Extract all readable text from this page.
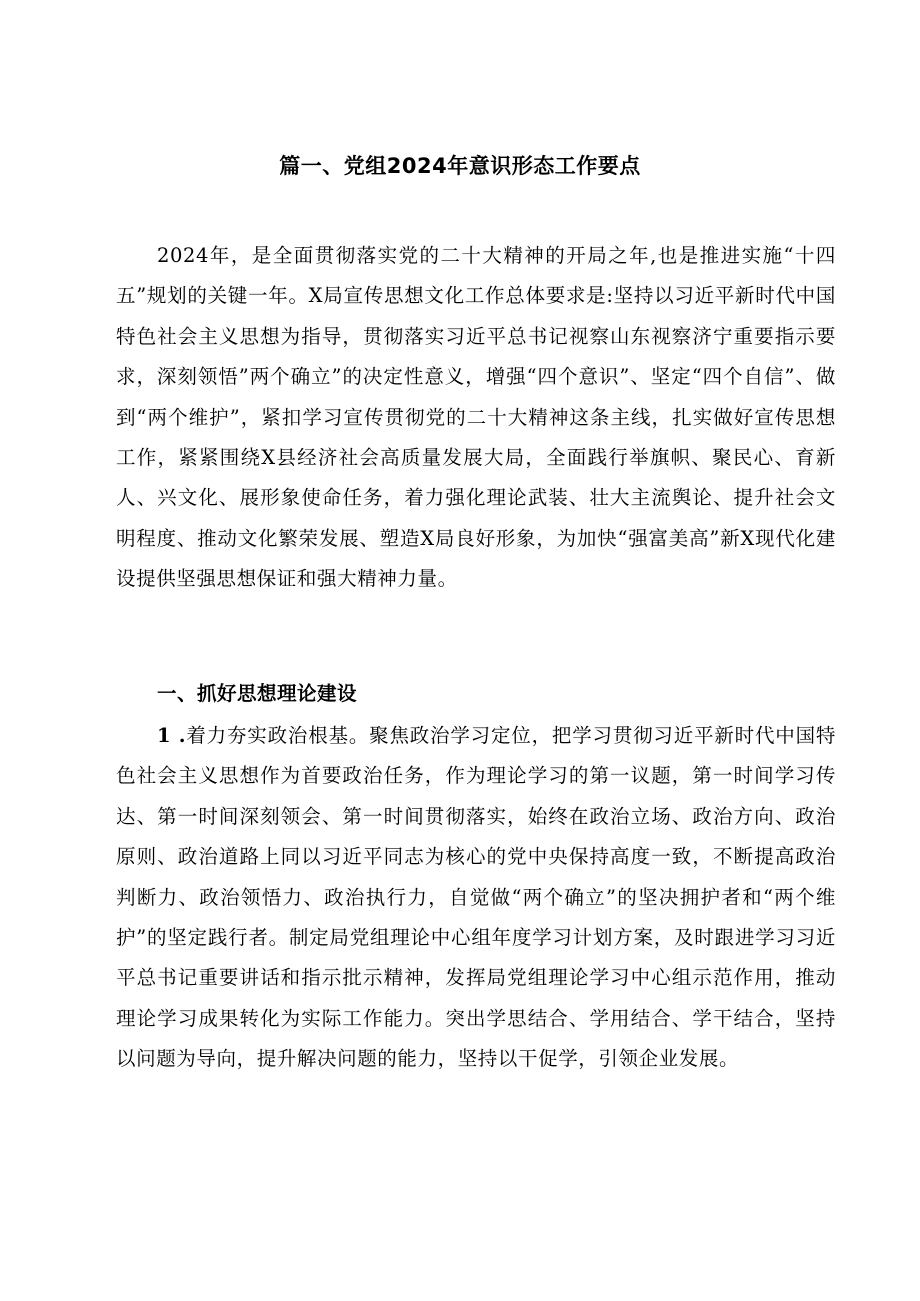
篇一、党组2024年意识形态工作要点

2024年，是全面贯彻落实党的二十大精神的开局之年,也是推进实施“十四五”规划的关键一年。X局宣传思想文化工作总体要求是:坚持以习近平新时代中国特色社会主义思想为指导，贯彻落实习近平总书记视察山东视察济宁重要指示要求，深刻领悟”两个确立”的决定性意义，增强“四个意识”、坚定“四个自信”、做到“两个维护”，紧扣学习宣传贯彻党的二十大精神这条主线，扎实做好宣传思想工作，紧紧围绕X县经济社会高质量发展大局，全面践行举旗帜、聚民心、育新人、兴文化、展形象使命任务，着力强化理论武装、壮大主流舆论、提升社会文明程度、推动文化繁荣发展、塑造X局良好形象，为加快“强富美高”新X现代化建设提供坚强思想保证和强大精神力量。

一、抓好思想理论建设

1 .着力夯实政治根基。聚焦政治学习定位，把学习贯彻习近平新时代中国特色社会主义思想作为首要政治任务，作为理论学习的第一议题，第一时间学习传达、第一时间深刻领会、第一时间贯彻落实，始终在政治立场、政治方向、政治原则、政治道路上同以习近平同志为核心的党中央保持高度一致，不断提高政治判断力、政治领悟力、政治执行力，自觉做“两个确立”的坚决拥护者和“两个维护”的坚定践行者。制定局党组理论中心组年度学习计划方案，及时跟进学习习近平总书记重要讲话和指示批示精神，发挥局党组理论学习中心组示范作用，推动理论学习成果转化为实际工作能力。突出学思结合、学用结合、学干结合，坚持以问题为导向，提升解决问题的能力，坚持以干促学，引领企业发展。
